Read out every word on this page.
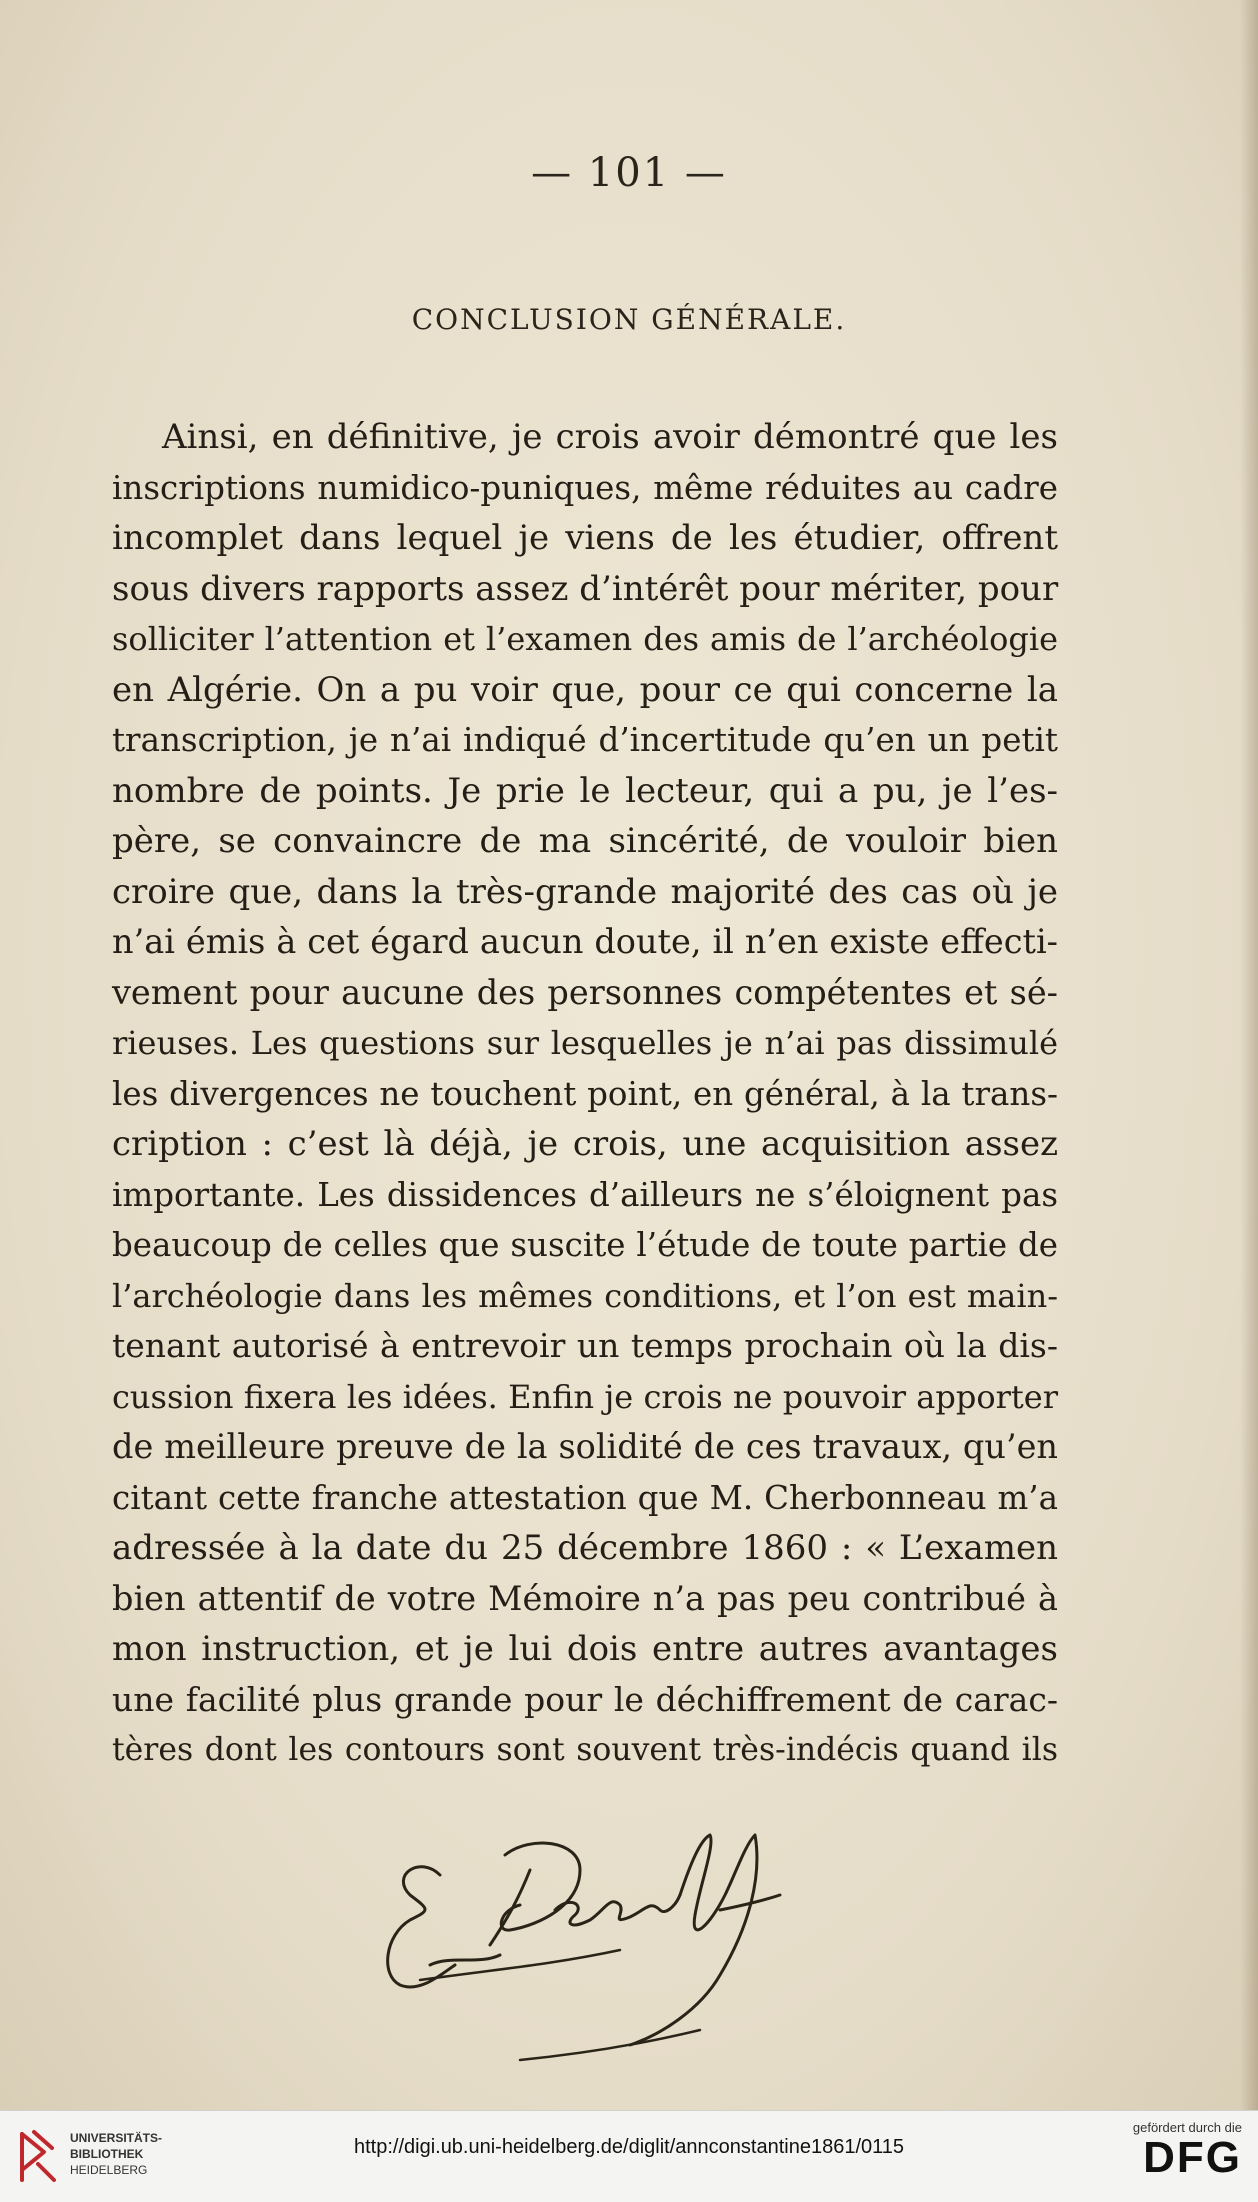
— 101 —
CONCLUSION GÉNÉRALE.
Ainsi, en définitive, je crois avoir démontré que les
inscriptions numidico-puniques, même réduites au cadre
incomplet dans lequel je viens de les étudier, offrent
sous divers rapports assez d’intérêt pour mériter, pour
solliciter l’attention et l’examen des amis de l’archéologie
en Algérie. On a pu voir que, pour ce qui concerne la
transcription, je n’ai indiqué d’incertitude qu’en un petit
nombre de points. Je prie le lecteur, qui a pu, je l’es-
père, se convaincre de ma sincérité, de vouloir bien
croire que, dans la très-grande majorité des cas où je
n’ai émis à cet égard aucun doute, il n’en existe effecti-
vement pour aucune des personnes compétentes et sé-
rieuses. Les questions sur lesquelles je n’ai pas dissimulé
les divergences ne touchent point, en général, à la trans-
cription : c’est là déjà, je crois, une acquisition assez
importante. Les dissidences d’ailleurs ne s’éloignent pas
beaucoup de celles que suscite l’étude de toute partie de
l’archéologie dans les mêmes conditions, et l’on est main-
tenant autorisé à entrevoir un temps prochain où la dis-
cussion fixera les idées. Enfin je crois ne pouvoir apporter
de meilleure preuve de la solidité de ces travaux, qu’en
citant cette franche attestation que M. Cherbonneau m’a
adressée à la date du 25 décembre 1860 : « L’examen
bien attentif de votre Mémoire n’a pas peu contribué à
mon instruction, et je lui dois entre autres avantages
une facilité plus grande pour le déchiffrement de carac-
tères dont les contours sont souvent très-indécis quand ils
UNIVERSITÄTS-
BIBLIOTHEK
HEIDELBERG
http://digi.ub.uni-heidelberg.de/diglit/annconstantine1861/0115
gefördert durch die
DFG
